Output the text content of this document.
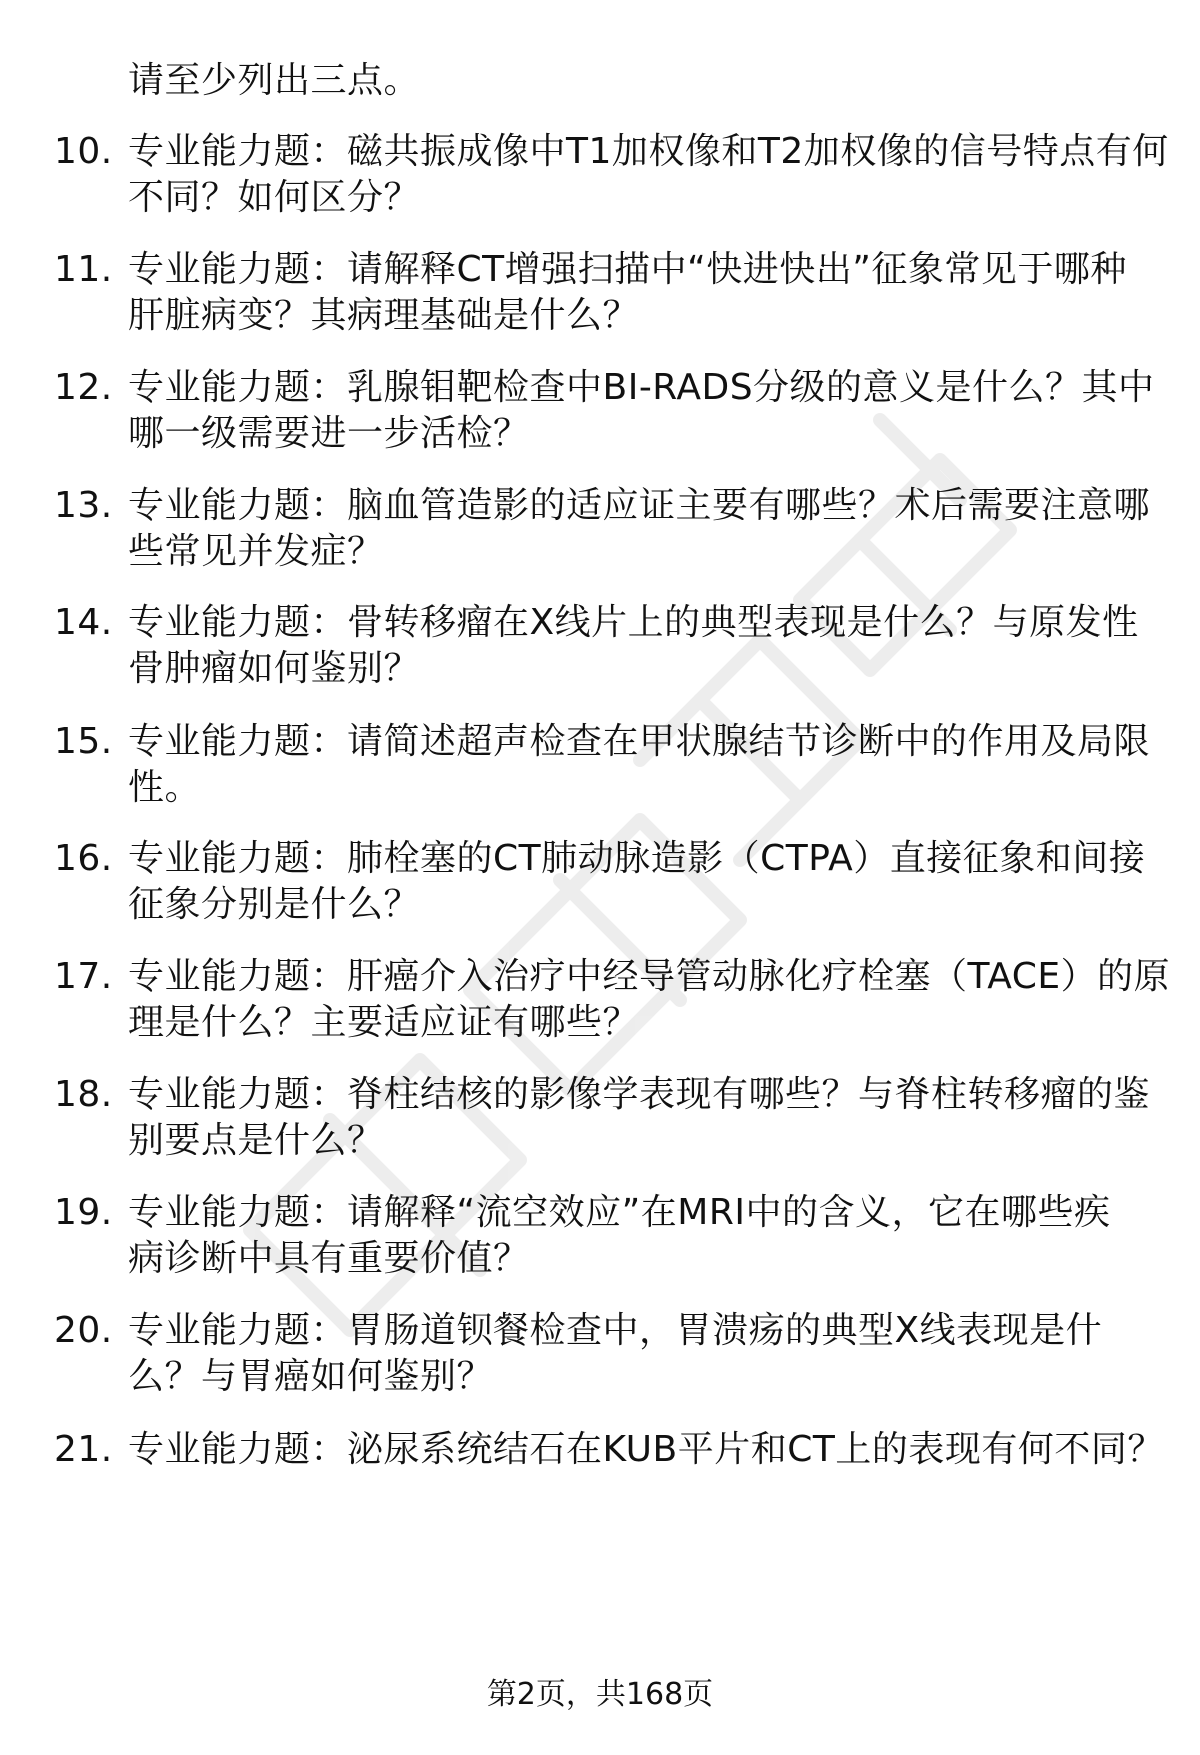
请至少列出三点。
10. 专业能力题：磁共振成像中T1加权像和T2加权像的信号特点有何
不同？如何区分？
11. 专业能力题：请解释CT增强扫描中“快进快出”征象常见于哪种
肝脏病变？其病理基础是什么？
12. 专业能力题：乳腺钼靶检查中BI-RADS分级的意义是什么？其中
哪一级需要进一步活检？
13. 专业能力题：脑血管造影的适应证主要有哪些？术后需要注意哪
些常见并发症？
14. 专业能力题：骨转移瘤在X线片上的典型表现是什么？与原发性
骨肿瘤如何鉴别？
15. 专业能力题：请简述超声检查在甲状腺结节诊断中的作用及局限
性。
16. 专业能力题：肺栓塞的CT肺动脉造影（CTPA）直接征象和间接
征象分别是什么？
17. 专业能力题：肝癌介入治疗中经导管动脉化疗栓塞（TACE）的原
理是什么？主要适应证有哪些？
18. 专业能力题：脊柱结核的影像学表现有哪些？与脊柱转移瘤的鉴
别要点是什么？
19. 专业能力题：请解释“流空效应”在MRI中的含义，它在哪些疾
病诊断中具有重要价值？
20. 专业能力题：胃肠道钡餐检查中，胃溃疡的典型X线表现是什
么？与胃癌如何鉴别？
21. 专业能力题：泌尿系统结石在KUB平片和CT上的表现有何不同？
第2页，共168页
